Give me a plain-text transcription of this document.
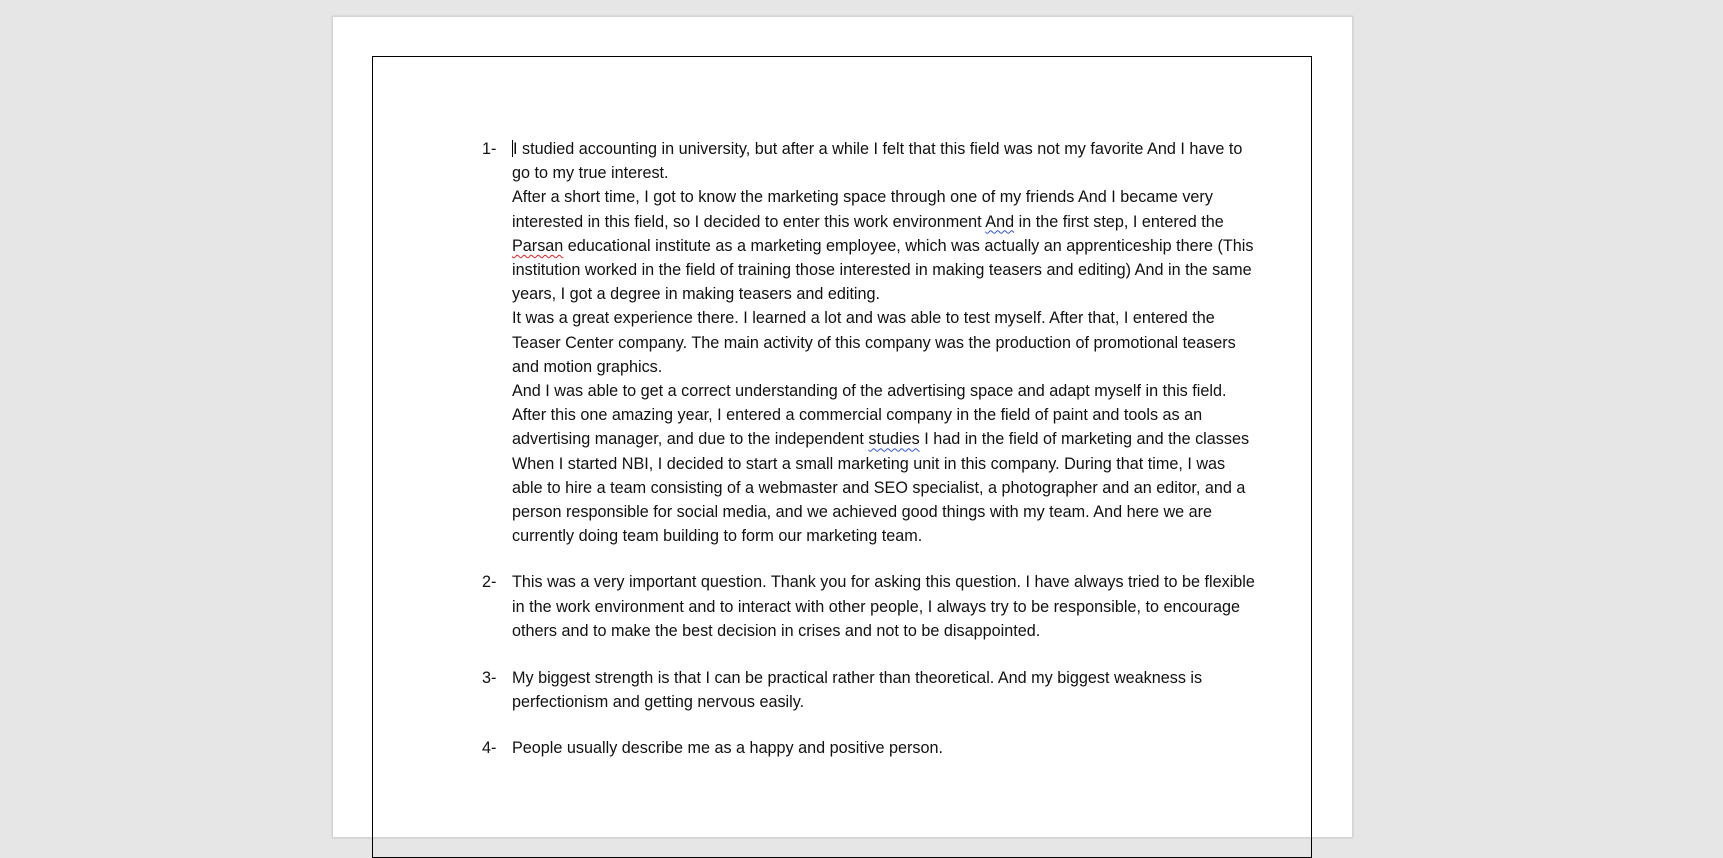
1-	I studied accounting in university, but after a while I felt that this field was not my favorite And I have to go to my true interest.

After a short time, I got to know the marketing space through one of my friends And I became very interested in this field, so I decided to enter this work environment And in the first step, I entered the Parsan educational institute as a marketing employee, which was actually an apprenticeship there (This institution worked in the field of training those interested in making teasers and editing) And in the same years, I got a degree in making teasers and editing.

It was a great experience there. I learned a lot and was able to test myself. After that, I entered the Teaser Center company. The main activity of this company was the production of promotional teasers and motion graphics.

And I was able to get a correct understanding of the advertising space and adapt myself in this field. After this one amazing year, I entered a commercial company in the field of paint and tools as an advertising manager, and due to the independent studies I had in the field of marketing and the classes When I started NBI, I decided to start a small marketing unit in this company. During that time, I was able to hire a team consisting of a webmaster and SEO specialist, a photographer and an editor, and a person responsible for social media, and we achieved good things with my team. And here we are currently doing team building to form our marketing team.

2- This was a very important question. Thank you for asking this question. I have always tried to be flexible in the work environment and to interact with other people, I always try to be responsible, to encourage others and to make the best decision in crises and not to be disappointed.
3- My biggest strength is that I can be practical rather than theoretical. And my biggest weakness is perfectionism and getting nervous easily.
4- People usually describe me as a happy and positive person.
